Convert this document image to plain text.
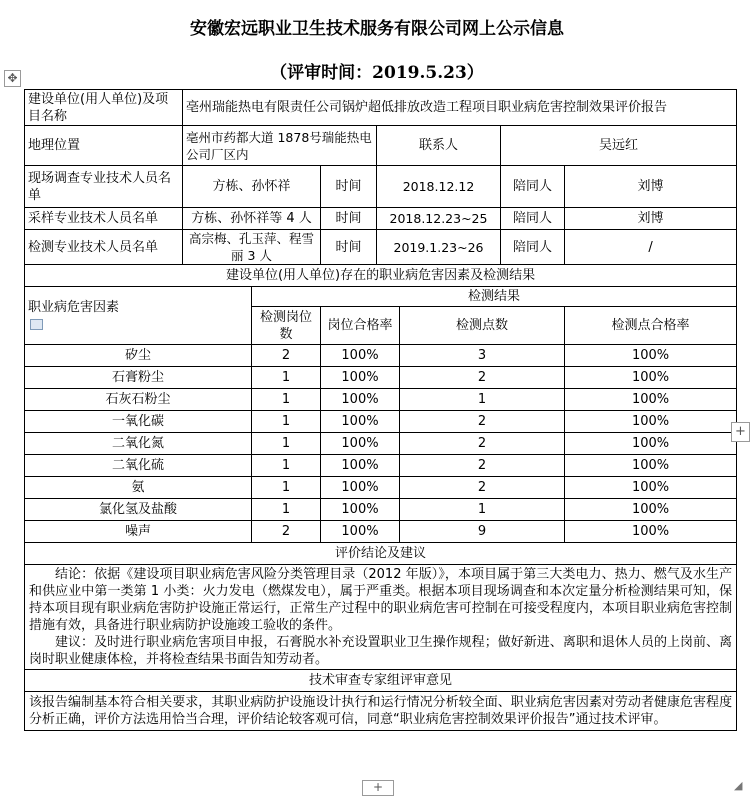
安徽宏远职业卫生技术服务有限公司网上公示信息
（评审时间：2019.5.23）
✥
建设单位(用人单位)及项目名称	亳州瑞能热电有限责任公司锅炉超低排放改造工程项目职业病危害控制效果评价报告						
地理位置	亳州市药都大道 1878号瑞能热电公司厂区内			联系人		吴远红	
现场调查专业技术人员名单	方栋、孙怀祥		时间	2018.12.12		陪同人	刘博
采样专业技术人员名单	方栋、孙怀祥等 4 人		时间	2018.12.23~25		陪同人	刘博
检测专业技术人员名单	高宗梅、孔玉萍、程雪丽 3 人		时间	2019.1.23~26		陪同人	/
建设单位(用人单位)存在的职业病危害因素及检测结果							
职业病危害因素		检测结果					
		检测岗位数	岗位合格率		检测点数		检测点合格率
矽尘		2	100%		3		100%
石膏粉尘		1	100%		2		100%
石灰石粉尘		1	100%		1		100%
一氧化碳		1	100%		2		100%
二氧化氮		1	100%		2		100%
二氧化硫		1	100%		2		100%
氨		1	100%		2		100%
氯化氢及盐酸		1	100%		1		100%
噪声		2	100%		9		100%
评价结论及建议							

结论：依据《建设项目职业病危害风险分类管理目录（2012 年版）》，本项目属于第三大类电力、热力、燃气及水生产和供应业中第一类第 1 小类：火力发电（燃煤发电），属于严重类。根据本项目现场调查和本次定量分析检测结果可知，保持本项目现有职业病危害防护设施正常运行，正常生产过程中的职业病危害可控制在可接受程度内，本项目职业病危害控制措施有效，具备进行职业病防护设施竣工验收的条件。
建议：及时进行职业病危害项目申报，石膏脱水补充设置职业卫生操作规程；做好新进、离职和退休人员的上岗前、离岗时职业健康体检，并将检查结果书面告知劳动者。							

技术审查专家组评审意见							
该报告编制基本符合相关要求，其职业病防护设施设计执行和运行情况分析较全面、职业病危害因素对劳动者健康危害程度分析正确，评价方法选用恰当合理，评价结论较客观可信，同意“职业病危害控制效果评价报告”通过技术评审。							
+
+	◢
